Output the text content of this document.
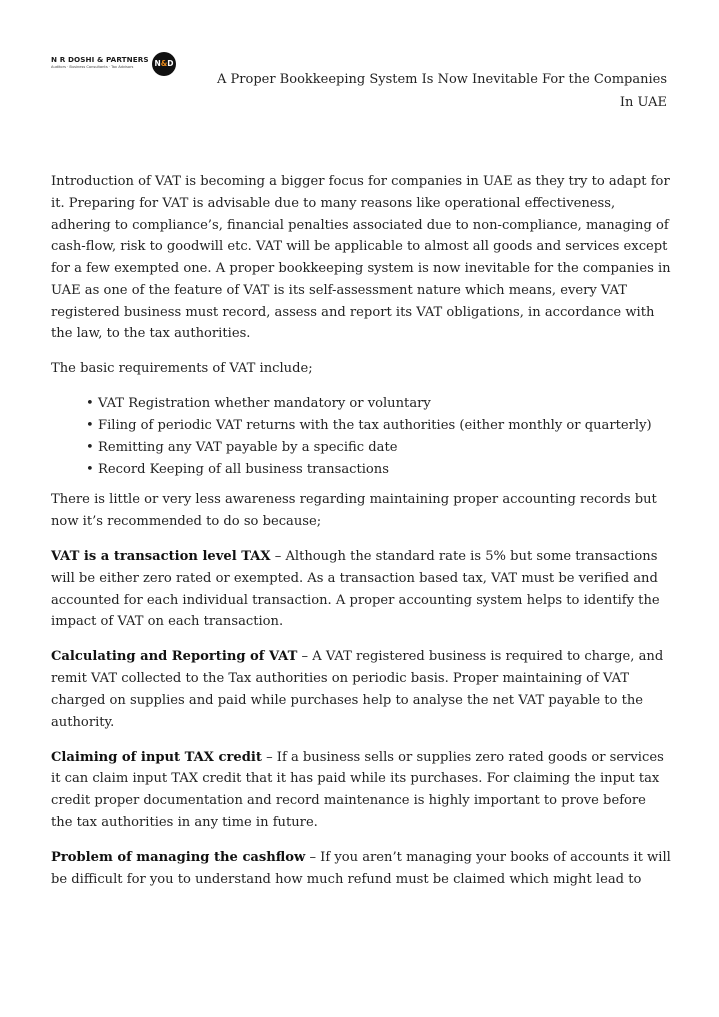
N R DOSHI & PARTNERS
Auditors · Business Consultants · Tax Advisors	N&D
A Proper Bookkeeping System Is Now Inevitable For the Companies In UAE

Introduction of VAT is becoming a bigger focus for companies in UAE as they try to adapt for it. Preparing for VAT is advisable due to many reasons like operational effectiveness, adhering to compliance’s, financial penalties associated due to non-compliance, managing of cash-flow, risk to goodwill etc. VAT will be applicable to almost all goods and services except for a few exempted one. A proper bookkeeping system is now inevitable for the companies in UAE as one of the feature of VAT is its self-assessment nature which means, every VAT registered business must record, assess and report its VAT obligations, in accordance with the law, to the tax authorities.

The basic requirements of VAT include;

• VAT Registration whether mandatory or voluntary
• Filing of periodic VAT returns with the tax authorities (either monthly or quarterly)
• Remitting any VAT payable by a specific date
• Record Keeping of all business transactions

There is little or very less awareness regarding maintaining proper accounting records but now it’s recommended to do so because;

VAT is a transaction level TAX – Although the standard rate is 5% but some transactions will be either zero rated or exempted. As a transaction based tax, VAT must be verified and accounted for each individual transaction. A proper accounting system helps to identify the impact of VAT on each transaction.

Calculating and Reporting of VAT – A VAT registered business is required to charge, and remit VAT collected to the Tax authorities on periodic basis. Proper maintaining of VAT charged on supplies and paid while purchases help to analyse the net VAT payable to the authority.

Claiming of input TAX credit – If a business sells or supplies zero rated goods or services it can claim input TAX credit that it has paid while its purchases. For claiming the input tax credit proper documentation and record maintenance is highly important to prove before the tax authorities in any time in future.

Problem of managing the cashflow – If you aren’t managing your books of accounts it will be difficult for you to understand how much refund must be claimed which might lead to
